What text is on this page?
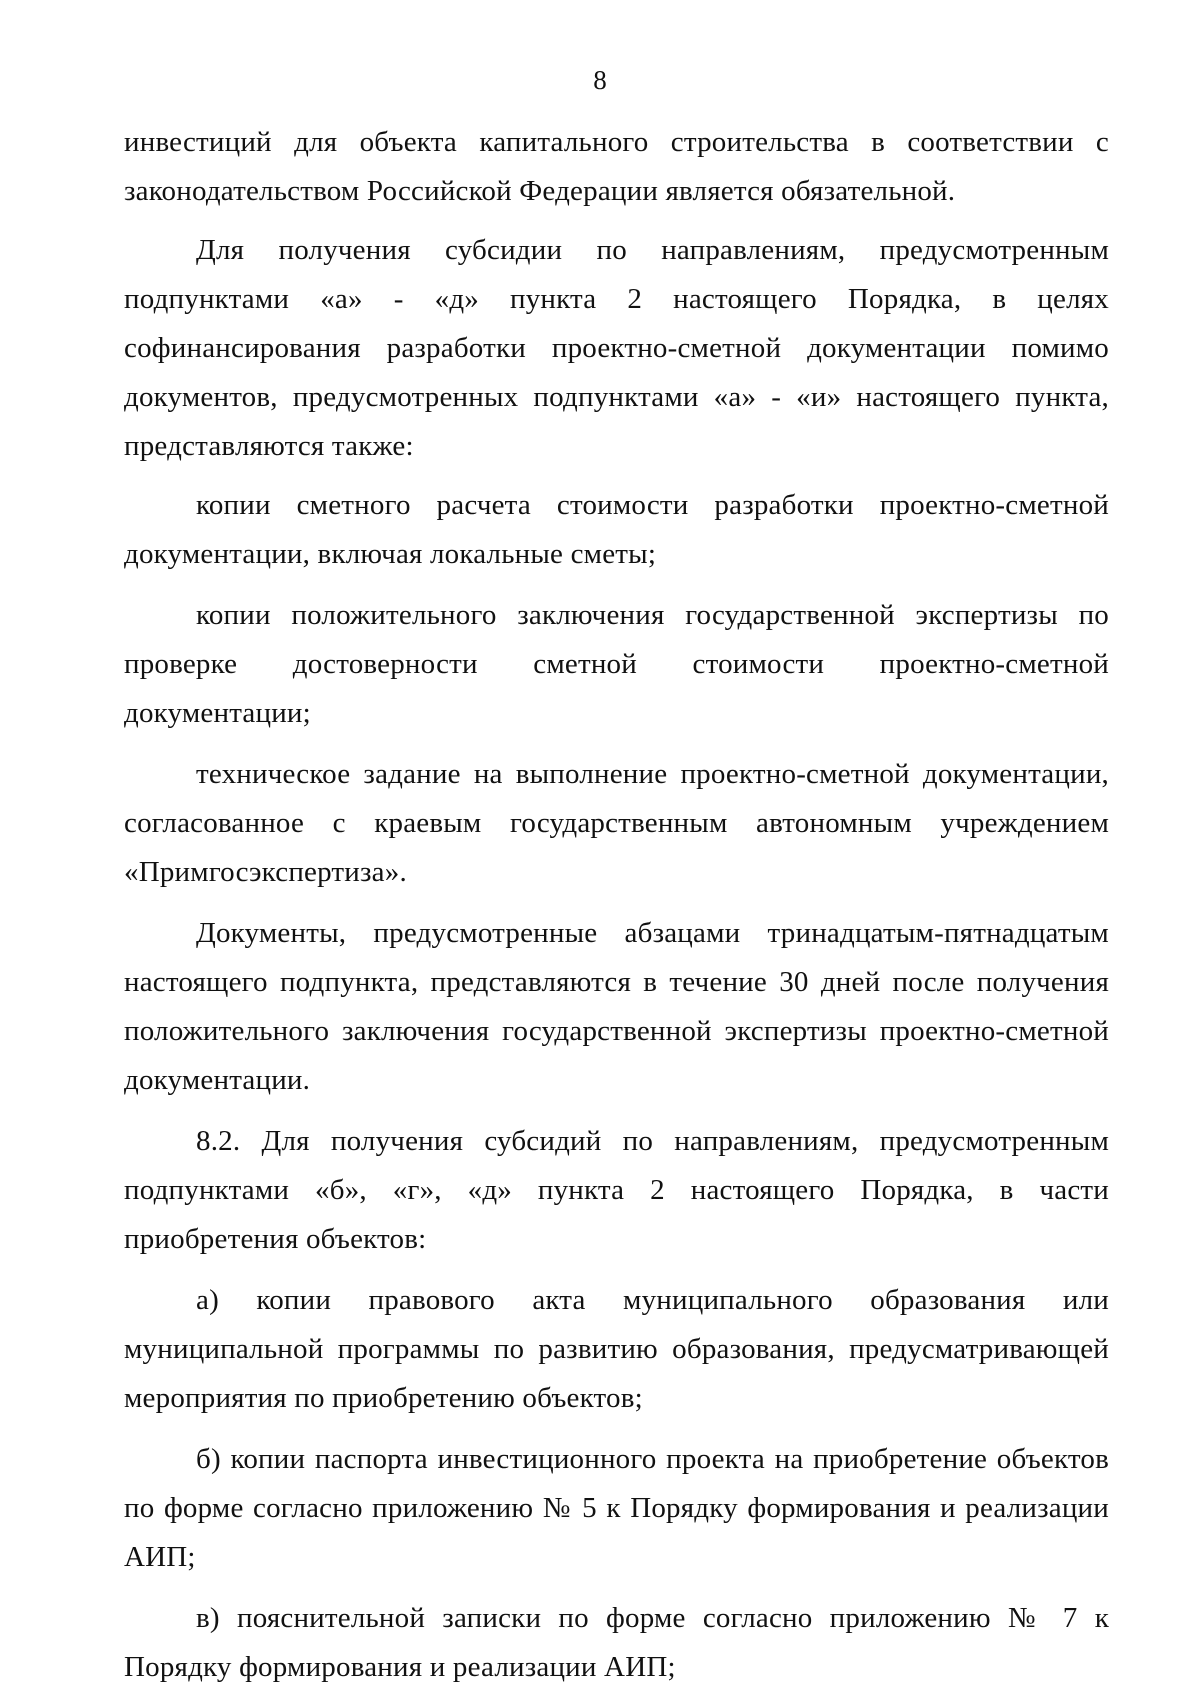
8

инвестиций для объекта капитального строительства в соответствии с законодательством Российской Федерации является обязательной.

Для получения субсидии по направлениям, предусмотренным подпунктами «а» - «д» пункта 2 настоящего Порядка, в целях софинансирования разработки проектно-сметной документации помимо документов, предусмотренных подпунктами «а» - «и» настоящего пункта, представляются также:

копии сметного расчета стоимости разработки проектно-сметной документации, включая локальные сметы;

копии положительного заключения государственной экспертизы по проверке достоверности сметной стоимости проектно-сметной документации;

техническое задание на выполнение проектно-сметной документации, согласованное с краевым государственным автономным учреждением «Примгосэкспертиза».

Документы, предусмотренные абзацами тринадцатым-пятнадцатым настоящего подпункта, представляются в течение 30 дней после получения положительного заключения государственной экспертизы проектно-сметной документации.

8.2. Для получения субсидий по направлениям, предусмотренным подпунктами «б», «г», «д» пункта 2 настоящего Порядка, в части приобретения объектов:

а) копии правового акта муниципального образования или муниципальной программы по развитию образования, предусматривающей мероприятия по приобретению объектов;

б) копии паспорта инвестиционного проекта на приобретение объектов по форме согласно приложению № 5 к Порядку формирования и реализации АИП;

в) пояснительной записки по форме согласно приложению № 7 к Порядку формирования и реализации АИП;
